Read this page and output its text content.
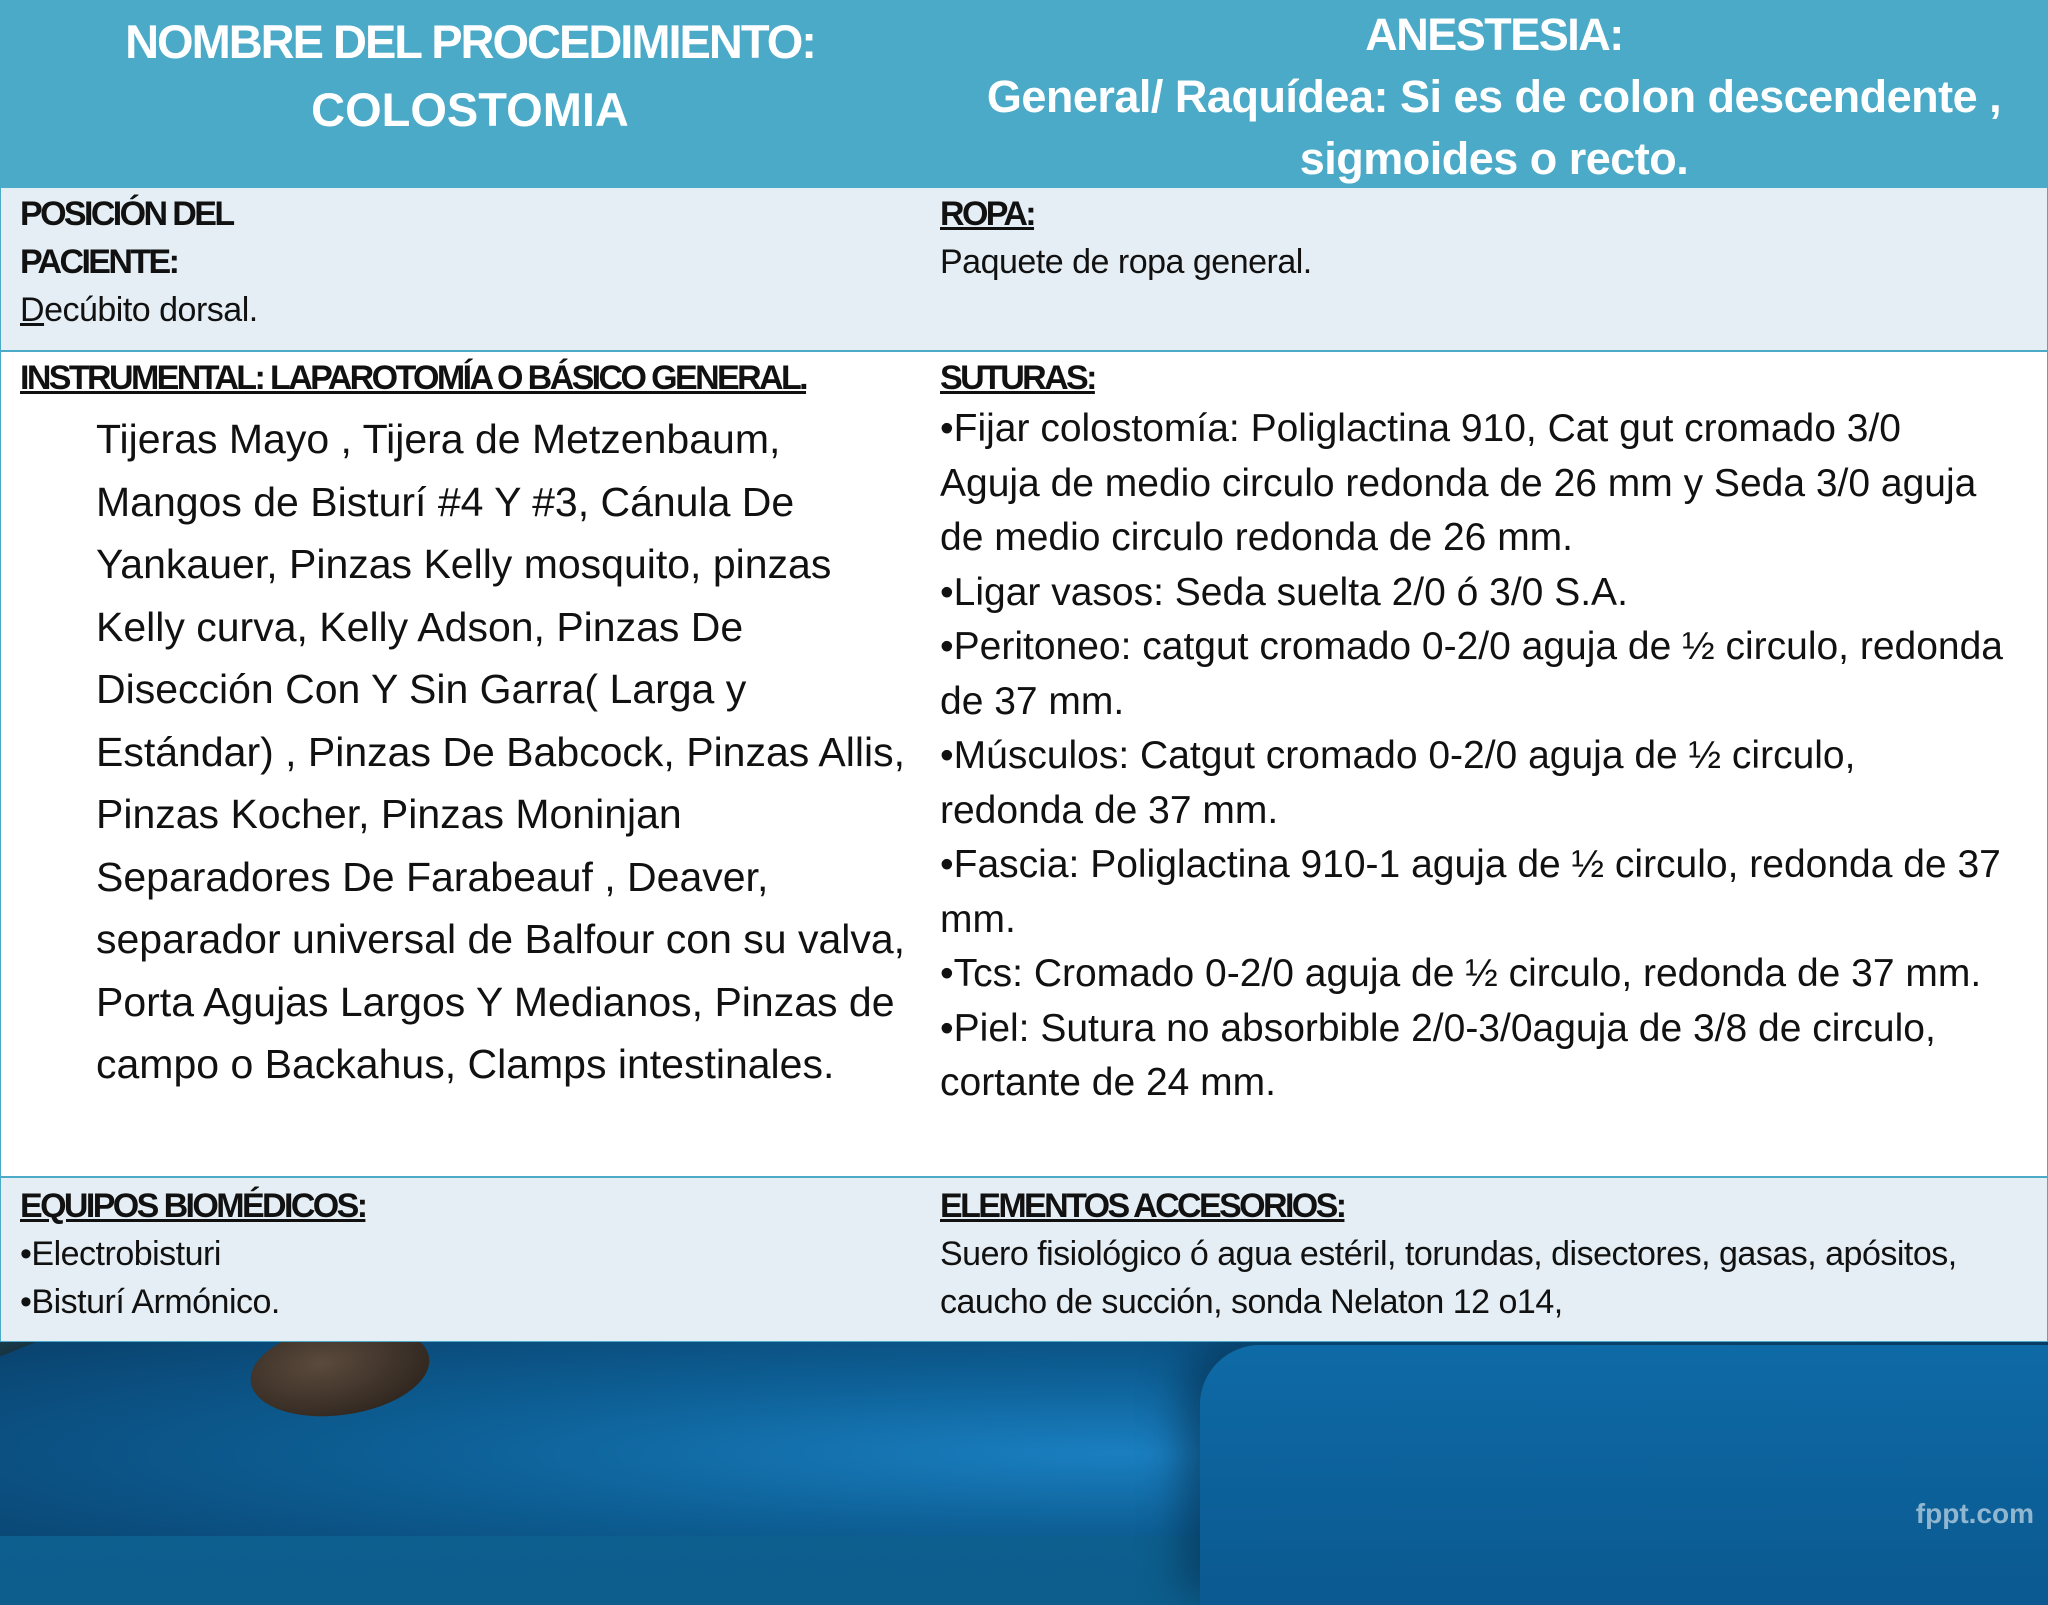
fppt.com
NOMBRE DEL PROCEDIMIENTO:
COLOSTOMIA
ANESTESIA:
General/ Raquídea: Si es de colon descendente ,
sigmoides o recto.
POSICIÓN DEL
PACIENTE:
Decúbito dorsal.
ROPA:
Paquete de ropa general.
INSTRUMENTAL: LAPAROTOMÍA O BÁSICO GENERAL.
Tijeras Mayo , Tijera de Metzenbaum, Mangos de Bisturí #4 Y #3, Cánula De Yankauer, Pinzas Kelly mosquito, pinzas Kelly curva, Kelly Adson, Pinzas De Disección Con Y Sin Garra( Larga y Estándar) , Pinzas De Babcock, Pinzas Allis, Pinzas Kocher, Pinzas Moninjan Separadores De Farabeauf , Deaver, separador universal de Balfour con su valva, Porta Agujas Largos Y Medianos, Pinzas de campo o Backahus, Clamps intestinales.
SUTURAS:
•Fijar colostomía: Poliglactina 910, Cat gut cromado 3/0 Aguja de medio circulo redonda de 26 mm y Seda 3/0 aguja de medio circulo redonda de 26 mm.
•Ligar vasos: Seda suelta 2/0 ó 3/0 S.A.
•Peritoneo: catgut cromado 0-2/0 aguja de ½ circulo, redonda de 37 mm.
•Músculos: Catgut cromado 0-2/0 aguja de ½ circulo, redonda de 37 mm.
•Fascia: Poliglactina 910-1 aguja de ½ circulo, redonda de 37 mm.
•Tcs: Cromado 0-2/0 aguja de ½ circulo, redonda de 37 mm.
•Piel: Sutura no absorbible 2/0-3/0aguja de 3/8 de circulo, cortante de 24 mm.
EQUIPOS BIOMÉDICOS:
•Electrobisturi
•Bisturí Armónico.
ELEMENTOS ACCESORIOS:
Suero fisiológico ó agua estéril, torundas, disectores, gasas, apósitos, caucho de succión, sonda Nelaton 12 o14,
